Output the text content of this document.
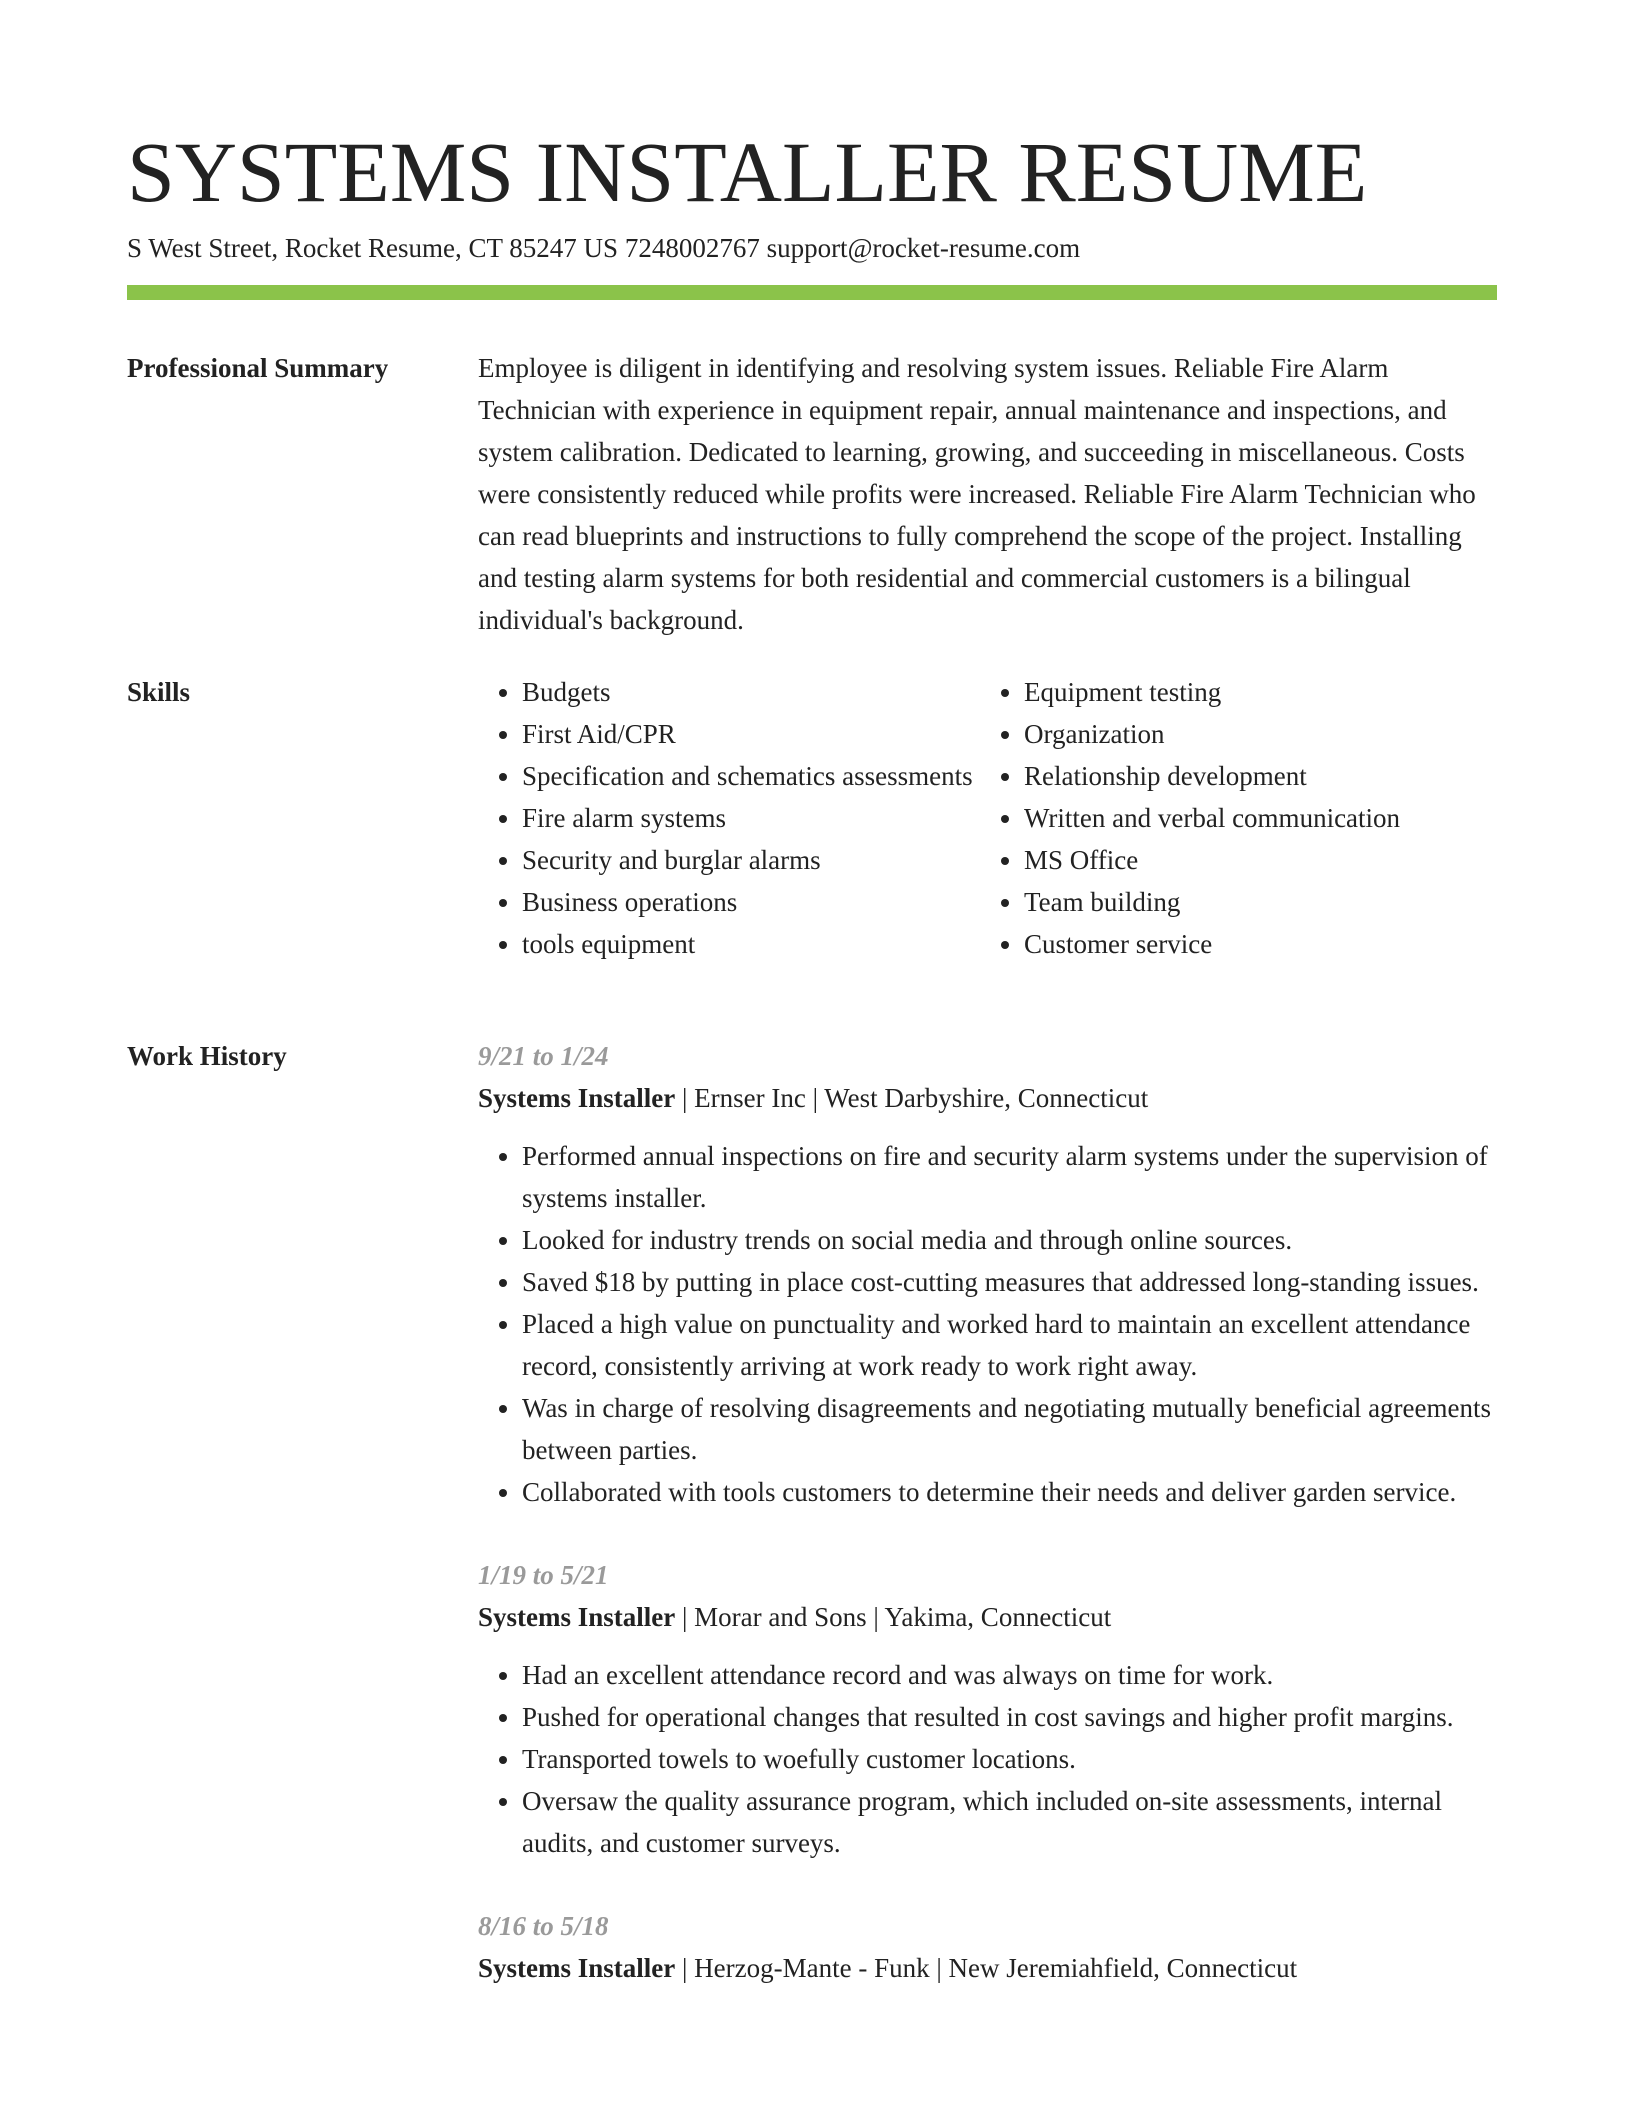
SYSTEMS INSTALLER RESUME
S West Street, Rocket Resume, CT 85247 US 7248002767 support@rocket-resume.com
Professional Summary	Employee is diligent in identifying and resolving system issues. Reliable Fire Alarm Technician with experience in equipment repair, annual maintenance and inspections, and system calibration. Dedicated to learning, growing, and succeeding in miscellaneous. Costs were consistently reduced while profits were increased. Reliable Fire Alarm Technician who can read blueprints and instructions to fully comprehend the scope of the project. Installing and testing alarm systems for both residential and commercial customers is a bilingual individual's background.

Skills
•	Budgets
• First Aid/CPR
• Specification and schematics assessments
• Fire alarm systems
• Security and burglar alarms
• Business operations
• tools equipment
• Equipment testing
• Organization
• Relationship development
• Written and verbal communication
• MS Office
• Team building
• Customer service
Work History	9/21 to 1/24
Systems Installer | Ernser Inc | West Darbyshire, Connecticut
• Performed annual inspections on fire and security alarm systems under the supervision of systems installer.
• Looked for industry trends on social media and through online sources.
• Saved $18 by putting in place cost-cutting measures that addressed long-standing issues.
• Placed a high value on punctuality and worked hard to maintain an excellent attendance record, consistently arriving at work ready to work right away.
• Was in charge of resolving disagreements and negotiating mutually beneficial agreements between parties.
• Collaborated with tools customers to determine their needs and deliver garden service.
1/19 to 5/21
Systems Installer | Morar and Sons | Yakima, Connecticut
• Had an excellent attendance record and was always on time for work.
• Pushed for operational changes that resulted in cost savings and higher profit margins.
• Transported towels to woefully customer locations.
• Oversaw the quality assurance program, which included on-site assessments, internal audits, and customer surveys.
8/16 to 5/18
Systems Installer | Herzog-Mante - Funk | New Jeremiahfield, Connecticut
